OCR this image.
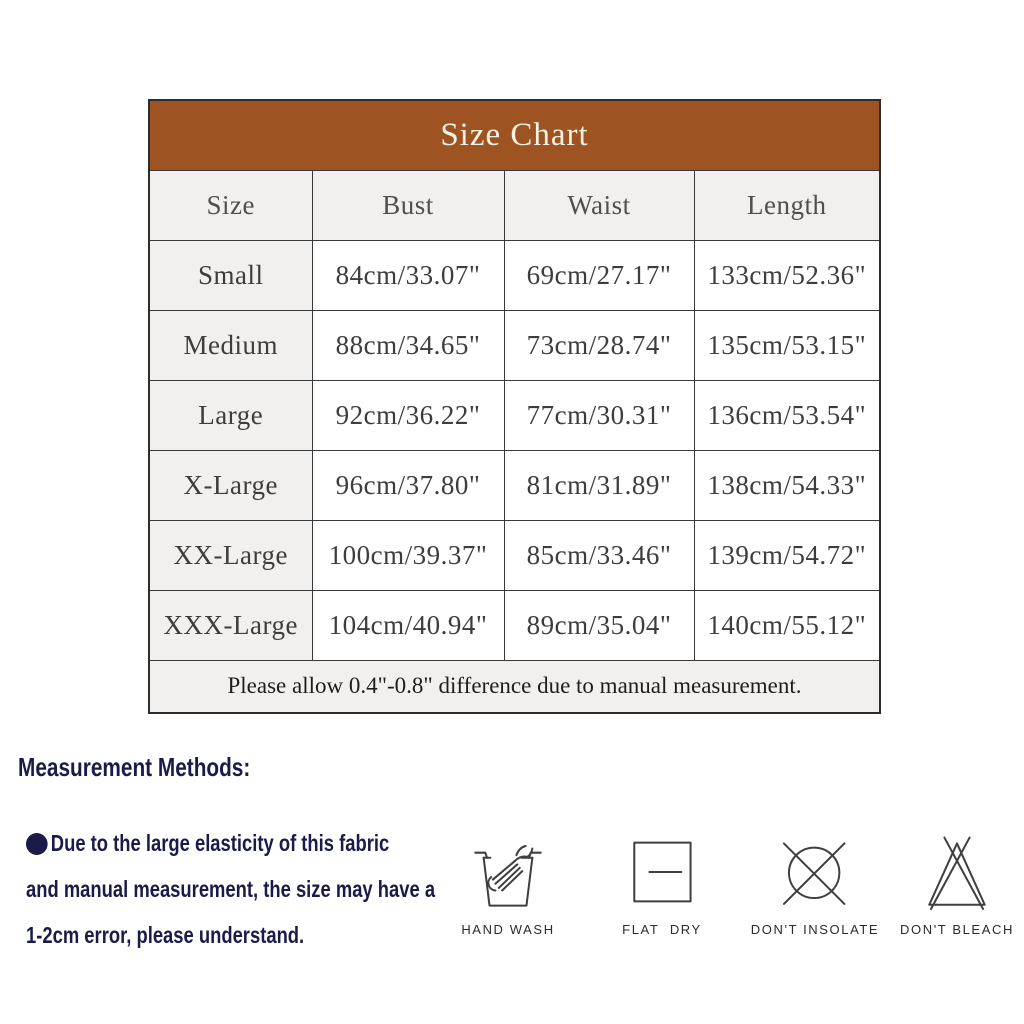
Size Chart			
Size	Bust	Waist	Length
Small	84cm/33.07"	69cm/27.17"	133cm/52.36"
Medium	88cm/34.65"	73cm/28.74"	135cm/53.15"
Large	92cm/36.22"	77cm/30.31"	136cm/53.54"
X-Large	96cm/37.80"	81cm/31.89"	138cm/54.33"
XX-Large	100cm/39.37"	85cm/33.46"	139cm/54.72"
XXX-Large	104cm/40.94"	89cm/35.04"	140cm/55.12"
Please allow 0.4"-0.8" difference due to manual measurement.			
Measurement Methods:
Due to the large elasticity of this fabric
and manual measurement, the size may have a
1-2cm error, please understand.	HAND WASH	FLAT  DRY	DON'T INSOLATE DON'T BLEACH
